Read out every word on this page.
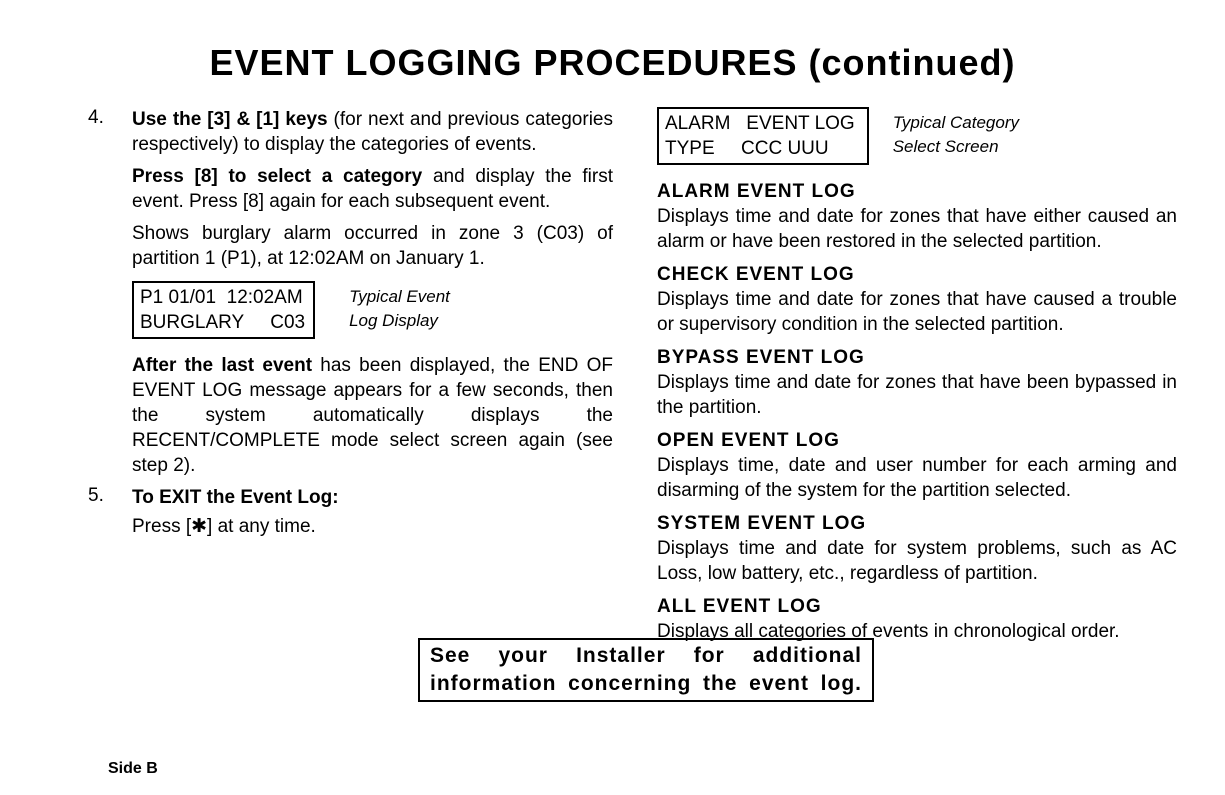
EVENT LOGGING PROCEDURES (continued)
4. Use the [3] & [1] keys (for next and previous categories respectively) to display the categories of events.

Press [8] to select a category and display the first event. Press [8] again for each subsequent event.

Shows burglary alarm occurred in zone 3 (C03) of partition 1 (P1), at 12:02AM on January 1.

P1 01/01  12:02AM
BURGLARY     C03
Typical Event
Log Display

After the last event has been displayed, the END OF EVENT LOG message appears for a few seconds, then the system automatically displays the RECENT/COMPLETE mode select screen again (see step 2).

5. To EXIT the Event Log:

Press [✱] at any time.

ALARM   EVENT LOG
TYPE     CCC UUU
Typical Category
Select Screen

ALARM EVENT LOG

Displays time and date for zones that have either caused an alarm or have been restored in the selected partition.

CHECK EVENT LOG

Displays time and date for zones that have caused a trouble or supervisory condition in the selected partition.

BYPASS EVENT LOG

Displays time and date for zones that have been bypassed in the partition.

OPEN EVENT LOG

Displays time, date and user number for each arming and disarming of the system for the partition selected.

SYSTEM EVENT LOG

Displays time and date for system problems, such as AC Loss, low battery, etc., regardless of partition.

ALL EVENT LOG

Displays all categories of events in chronological order.

See your Installer for additional
information concerning the event log.
Side B
